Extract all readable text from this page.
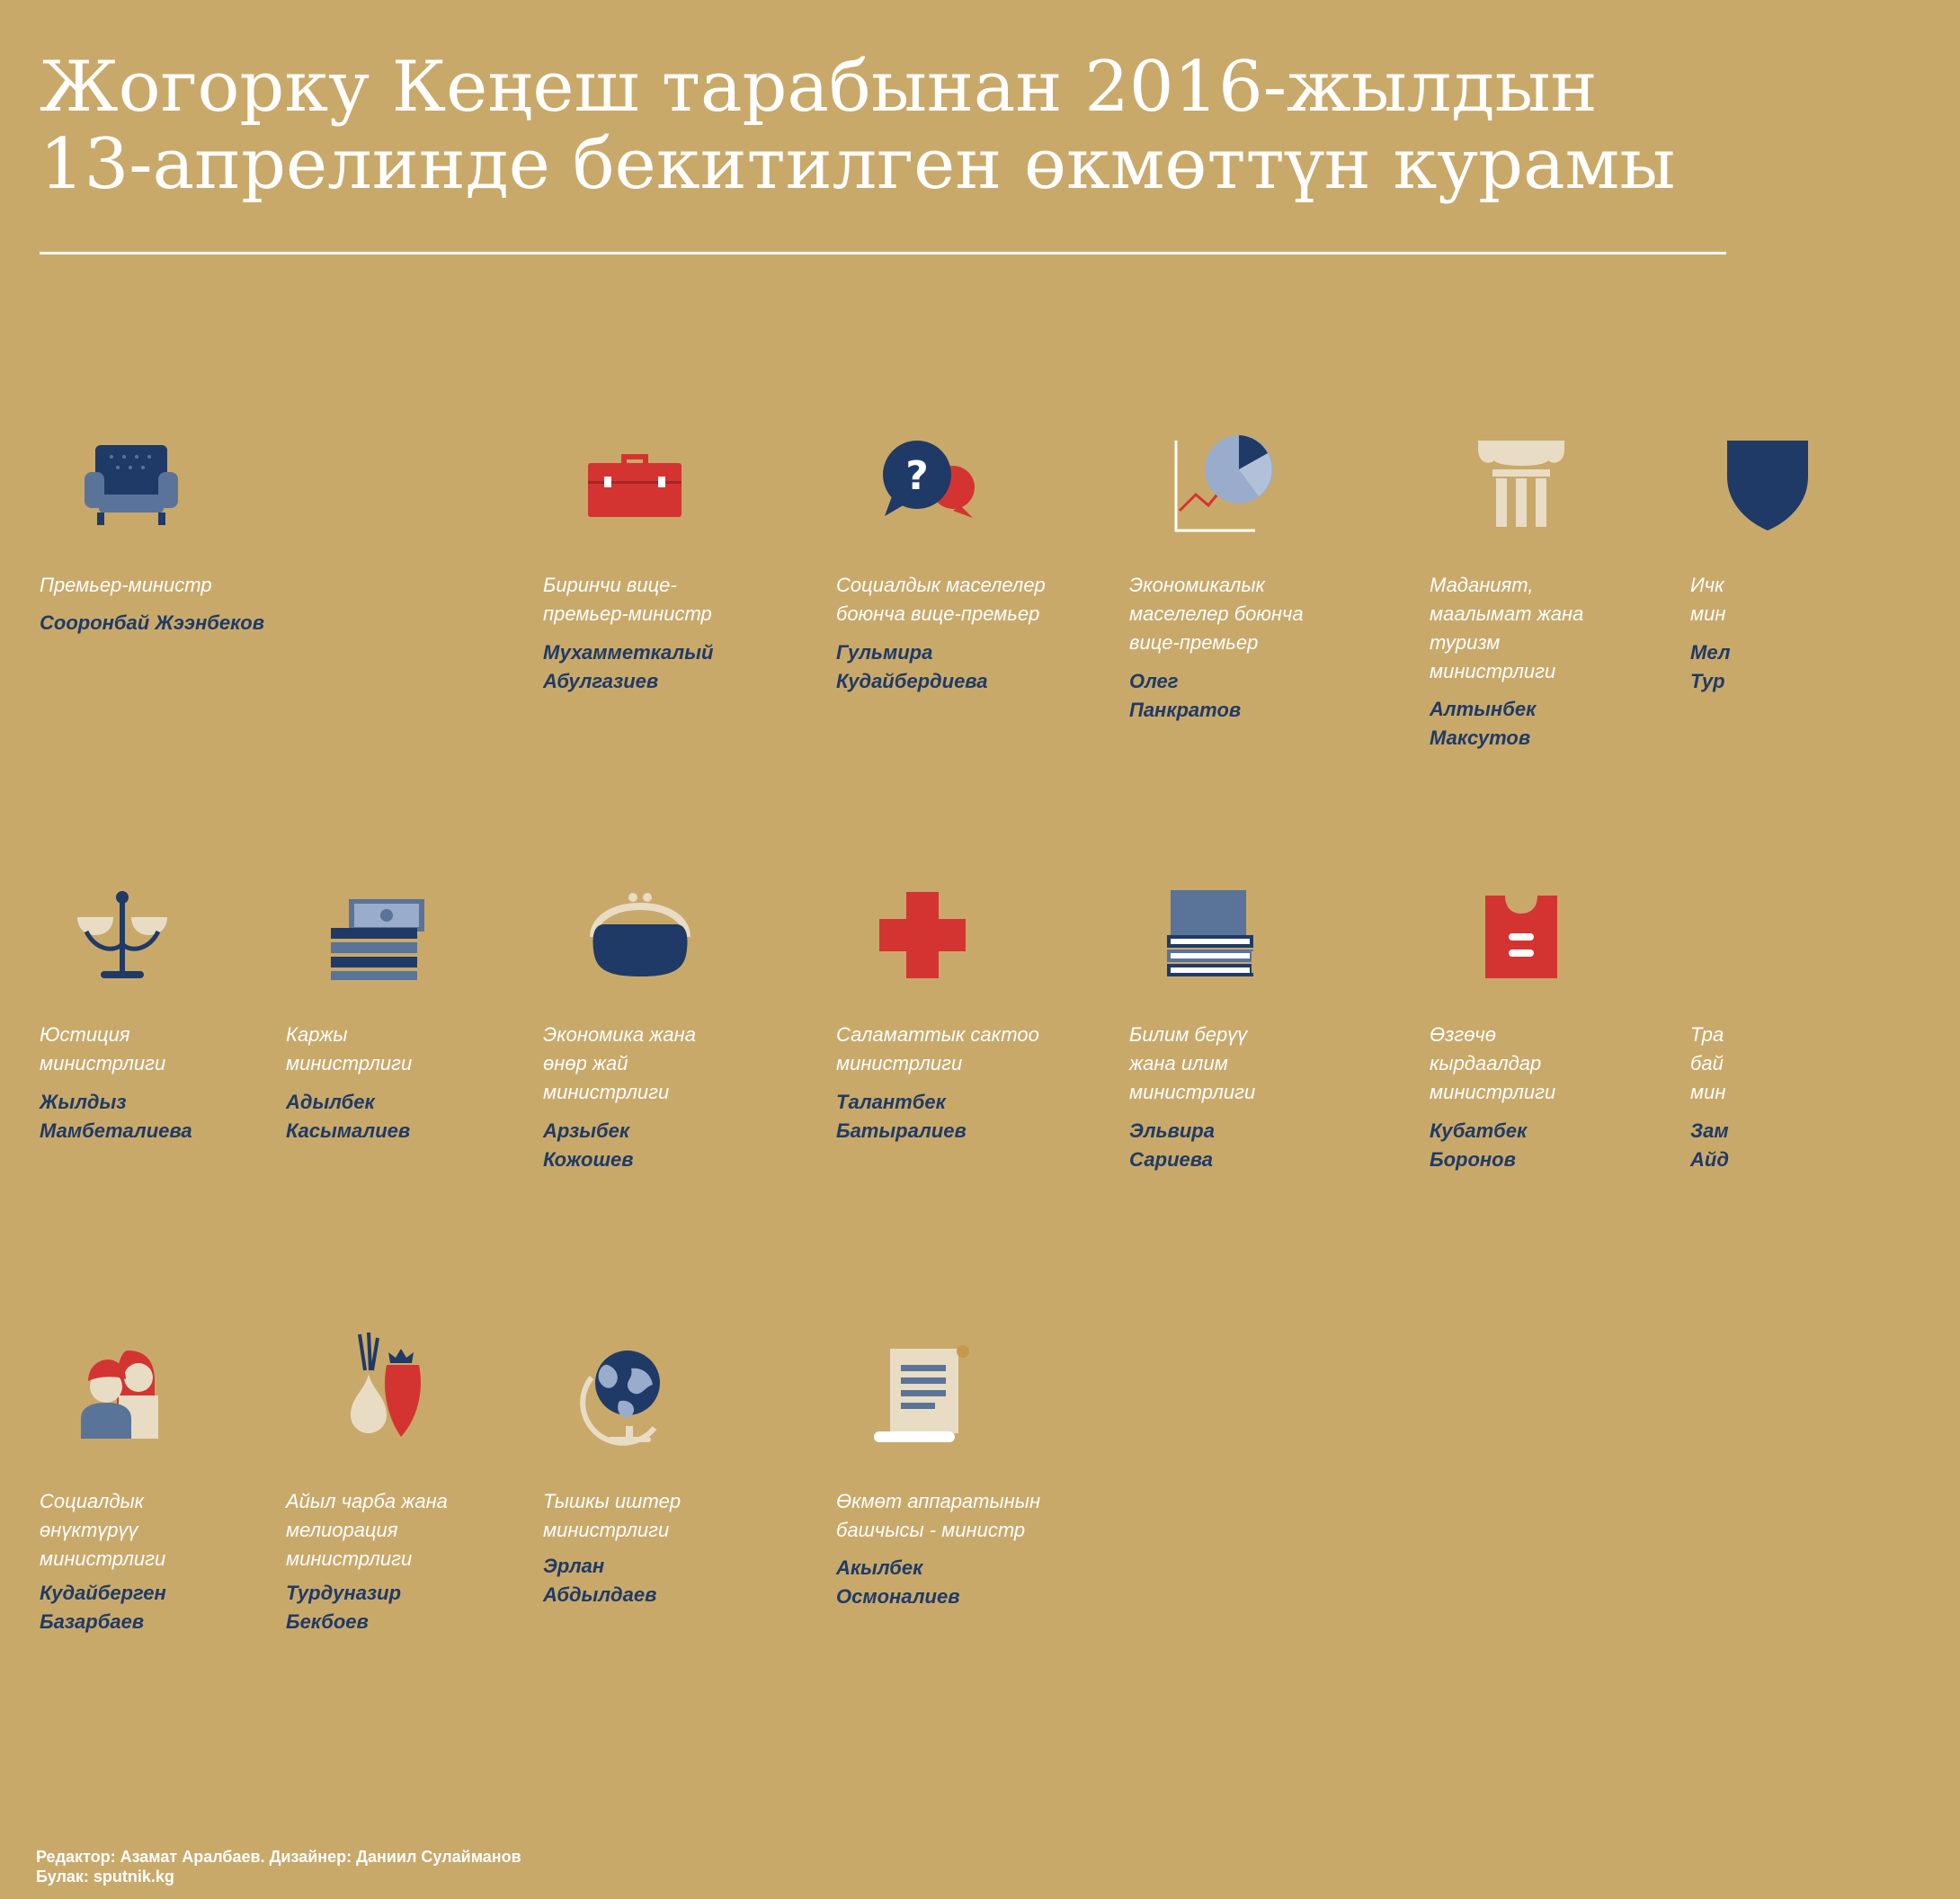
Жогорку Кеңеш тарабынан 2016-жылдын
13-апрелинде бекитилген өкмөттүн курамы
Премьер-министр
Сооронбай Жээнбеков
Биринчи вице-
премьер-министр
Мухамметкалый
Абулгазиев
?
Социалдык маселелер
боюнча вице-премьер
Гульмира
Кудайбердиева
Экономикалык
маселелер боюнча
вице-премьер
Олег
Панкратов
Маданият,
маалымат жана
туризм
министрлиги
Алтынбек
Максутов
Ичк
мин
Мел
Тур
Юстиция
министрлиги
Жылдыз
Мамбеталиева
Каржы
министрлиги
Адылбек
Касымалиев
Экономика жана
өнөр жай
министрлиги
Арзыбек
Кожошев
Саламаттык сактоо
министрлиги
Талантбек
Батыралиев
Билим берүү
жана илим
министрлиги
Эльвира
Сариева
Өзгөчө
кырдаалдар
министрлиги
Кубатбек
Боронов
Тра
бай
мин
Зам
Айд
Социалдык
өнүктүрүү
министрлиги
Кудайберген
Базарбаев
Айыл чарба жана
мелиорация
министрлиги
Турдуназир
Бекбоев
Тышкы иштер
министрлиги
Эрлан
Абдылдаев
Өкмөт аппаратынын
башчысы - министр
Акылбек
Осмоналиев
Редактор: Азамат Аралбаев. Дизайнер: Даниил Сулайманов
Булак: sputnik.kg
